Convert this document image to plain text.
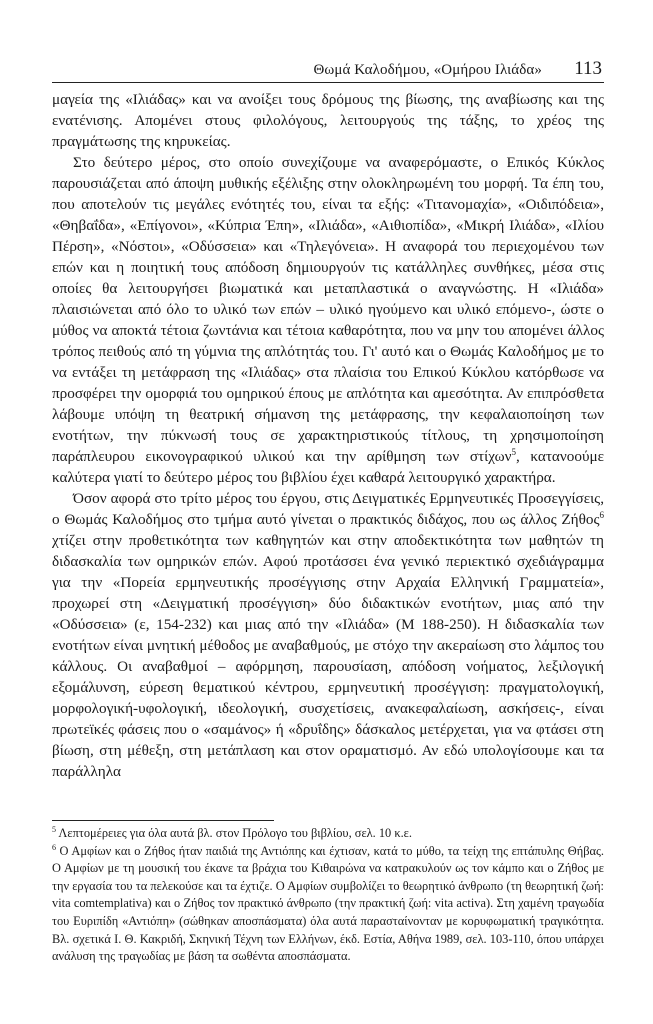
Θωμά Καλοδήμου, «Ομήρου Ιλιάδα» 113

μαγεία της «Ιλιάδας» και να ανοίξει τους δρόμους της βίωσης, της αναβίωσης και της ενατένισης. Απομένει στους φιλολόγους, λειτουργούς της τάξης, το χρέος της πραγμάτωσης της κηρυκείας.

Στο δεύτερο μέρος, στο οποίο συνεχίζουμε να αναφερόμαστε, ο Επικός Κύκλος παρουσιάζεται από άποψη μυθικής εξέλιξης στην ολοκληρωμένη του μορφή. Τα έπη του, που αποτελούν τις μεγάλες ενότητές του, είναι τα εξής: «Τιτανομαχία», «Οιδιπόδεια», «Θηβαΐδα», «Επίγονοι», «Κύπρια Έπη», «Ιλιάδα», «Αιθιοπίδα», «Μικρή Ιλιάδα», «Ιλίου Πέρση», «Νόστοι», «Οδύσσεια» και «Τηλεγόνεια». Η αναφορά του περιεχομένου των επών και η ποιητική τους απόδοση δημιουργούν τις κατάλληλες συνθήκες, μέσα στις οποίες θα λειτουργήσει βιωματικά και μεταπλαστικά ο αναγνώστης. Η «Ιλιάδα» πλαισιώνεται από όλο το υλικό των επών – υλικό ηγούμενο και υλικό επόμενο-, ώστε ο μύθος να αποκτά τέτοια ζωντάνια και τέτοια καθαρότητα, που να μην του απομένει άλλος τρόπος πειθούς από τη γύμνια της απλότητάς του. Γι' αυτό και ο Θωμάς Καλοδήμος με το να εντάξει τη μετάφραση της «Ιλιάδας» στα πλαίσια του Επικού Κύκλου κατόρθωσε να προσφέρει την ομορφιά του ομηρικού έπους με απλότητα και αμεσότητα. Αν επιπρόσθετα λάβουμε υπόψη τη θεατρική σήμανση της μετάφρασης, την κεφαλαιοποίηση των ενοτήτων, την πύκνωσή τους σε χαρακτηριστικούς τίτλους, τη χρησιμοποίηση παράπλευρου εικονογραφικού υλικού και την αρίθμηση των στίχων$^5$, κατανοούμε καλύτερα γιατί το δεύτερο μέρος του βιβλίου έχει καθαρά λειτουργικό χαρακτήρα.

Όσον αφορά στο τρίτο μέρος του έργου, στις Δειγματικές Ερμηνευτικές Προσεγγίσεις, ο Θωμάς Καλοδήμος στο τμήμα αυτό γίνεται ο πρακτικός διδάχος, που ως άλλος Ζήθος$^6$ χτίζει στην προθετικότητα των καθηγητών και στην αποδεκτικότητα των μαθητών τη διδασκαλία των ομηρικών επών. Αφού προτάσσει ένα γενικό περιεκτικό σχεδιάγραμμα για την «Πορεία ερμηνευτικής προσέγγισης στην Αρχαία Ελληνική Γραμματεία», προχωρεί στη «Δειγματική προσέγγιση» δύο διδακτικών ενοτήτων, μιας από την «Οδύσσεια» (ε, 154-232) και μιας από την «Ιλιάδα» (Μ 188-250). Η διδασκαλία των ενοτήτων είναι μνητική μέθοδος με αναβαθμούς, με στόχο την ακεραίωση στο λάμπος του κάλλους. Οι αναβαθμοί – αφόρμηση, παρουσίαση, απόδοση νοήματος, λεξιλογική εξομάλυνση, εύρεση θεματικού κέντρου, ερμηνευτική προσέγγιση: πραγματολογική, μορφολογική-υφολογική, ιδεολογική, συσχετίσεις, ανακεφαλαίωση, ασκήσεις-, είναι πρωτεϊκές φάσεις που ο «σαμάνος» ή «δρυΐδης» δάσκαλος μετέρχεται, για να φτάσει στη βίωση, στη μέθεξη, στη μετάπλαση και στον οραματισμό. Αν εδώ υπολογίσουμε και τα παράλληλα

$^5$ Λεπτομέρειες για όλα αυτά βλ. στον Πρόλογο του βιβλίου, σελ. 10 κ.ε.

$^6$ Ο Αμφίων και ο Ζήθος ήταν παιδιά της Αντιόπης και έχτισαν, κατά το μύθο, τα τείχη της επτάπυλης Θήβας. Ο Αμφίων με τη μουσική του έκανε τα βράχια του Κιθαιρώνα να κατρακυλούν ως τον κάμπο και ο Ζήθος με την εργασία του τα πελεκούσε και τα έχτιζε. Ο Αμφίων συμβολίζει το θεωρητικό άνθρωπο (τη θεωρητική ζωή: vita comtemplativa) και ο Ζήθος τον πρακτικό άνθρωπο (την πρακτική ζωή: vita activa). Στη χαμένη τραγωδία του Ευριπίδη «Αντιόπη» (σώθηκαν αποσπάσματα) όλα αυτά παρασταίνονταν με κορυφωματική τραγικότητα. Βλ. σχετικά Ι. Θ. Κακριδή, Σκηνική Τέχνη των Ελλήνων, έκδ. Εστία, Αθήνα 1989, σελ. 103-110, όπου υπάρχει ανάλυση της τραγωδίας με βάση τα σωθέντα αποσπάσματα.
